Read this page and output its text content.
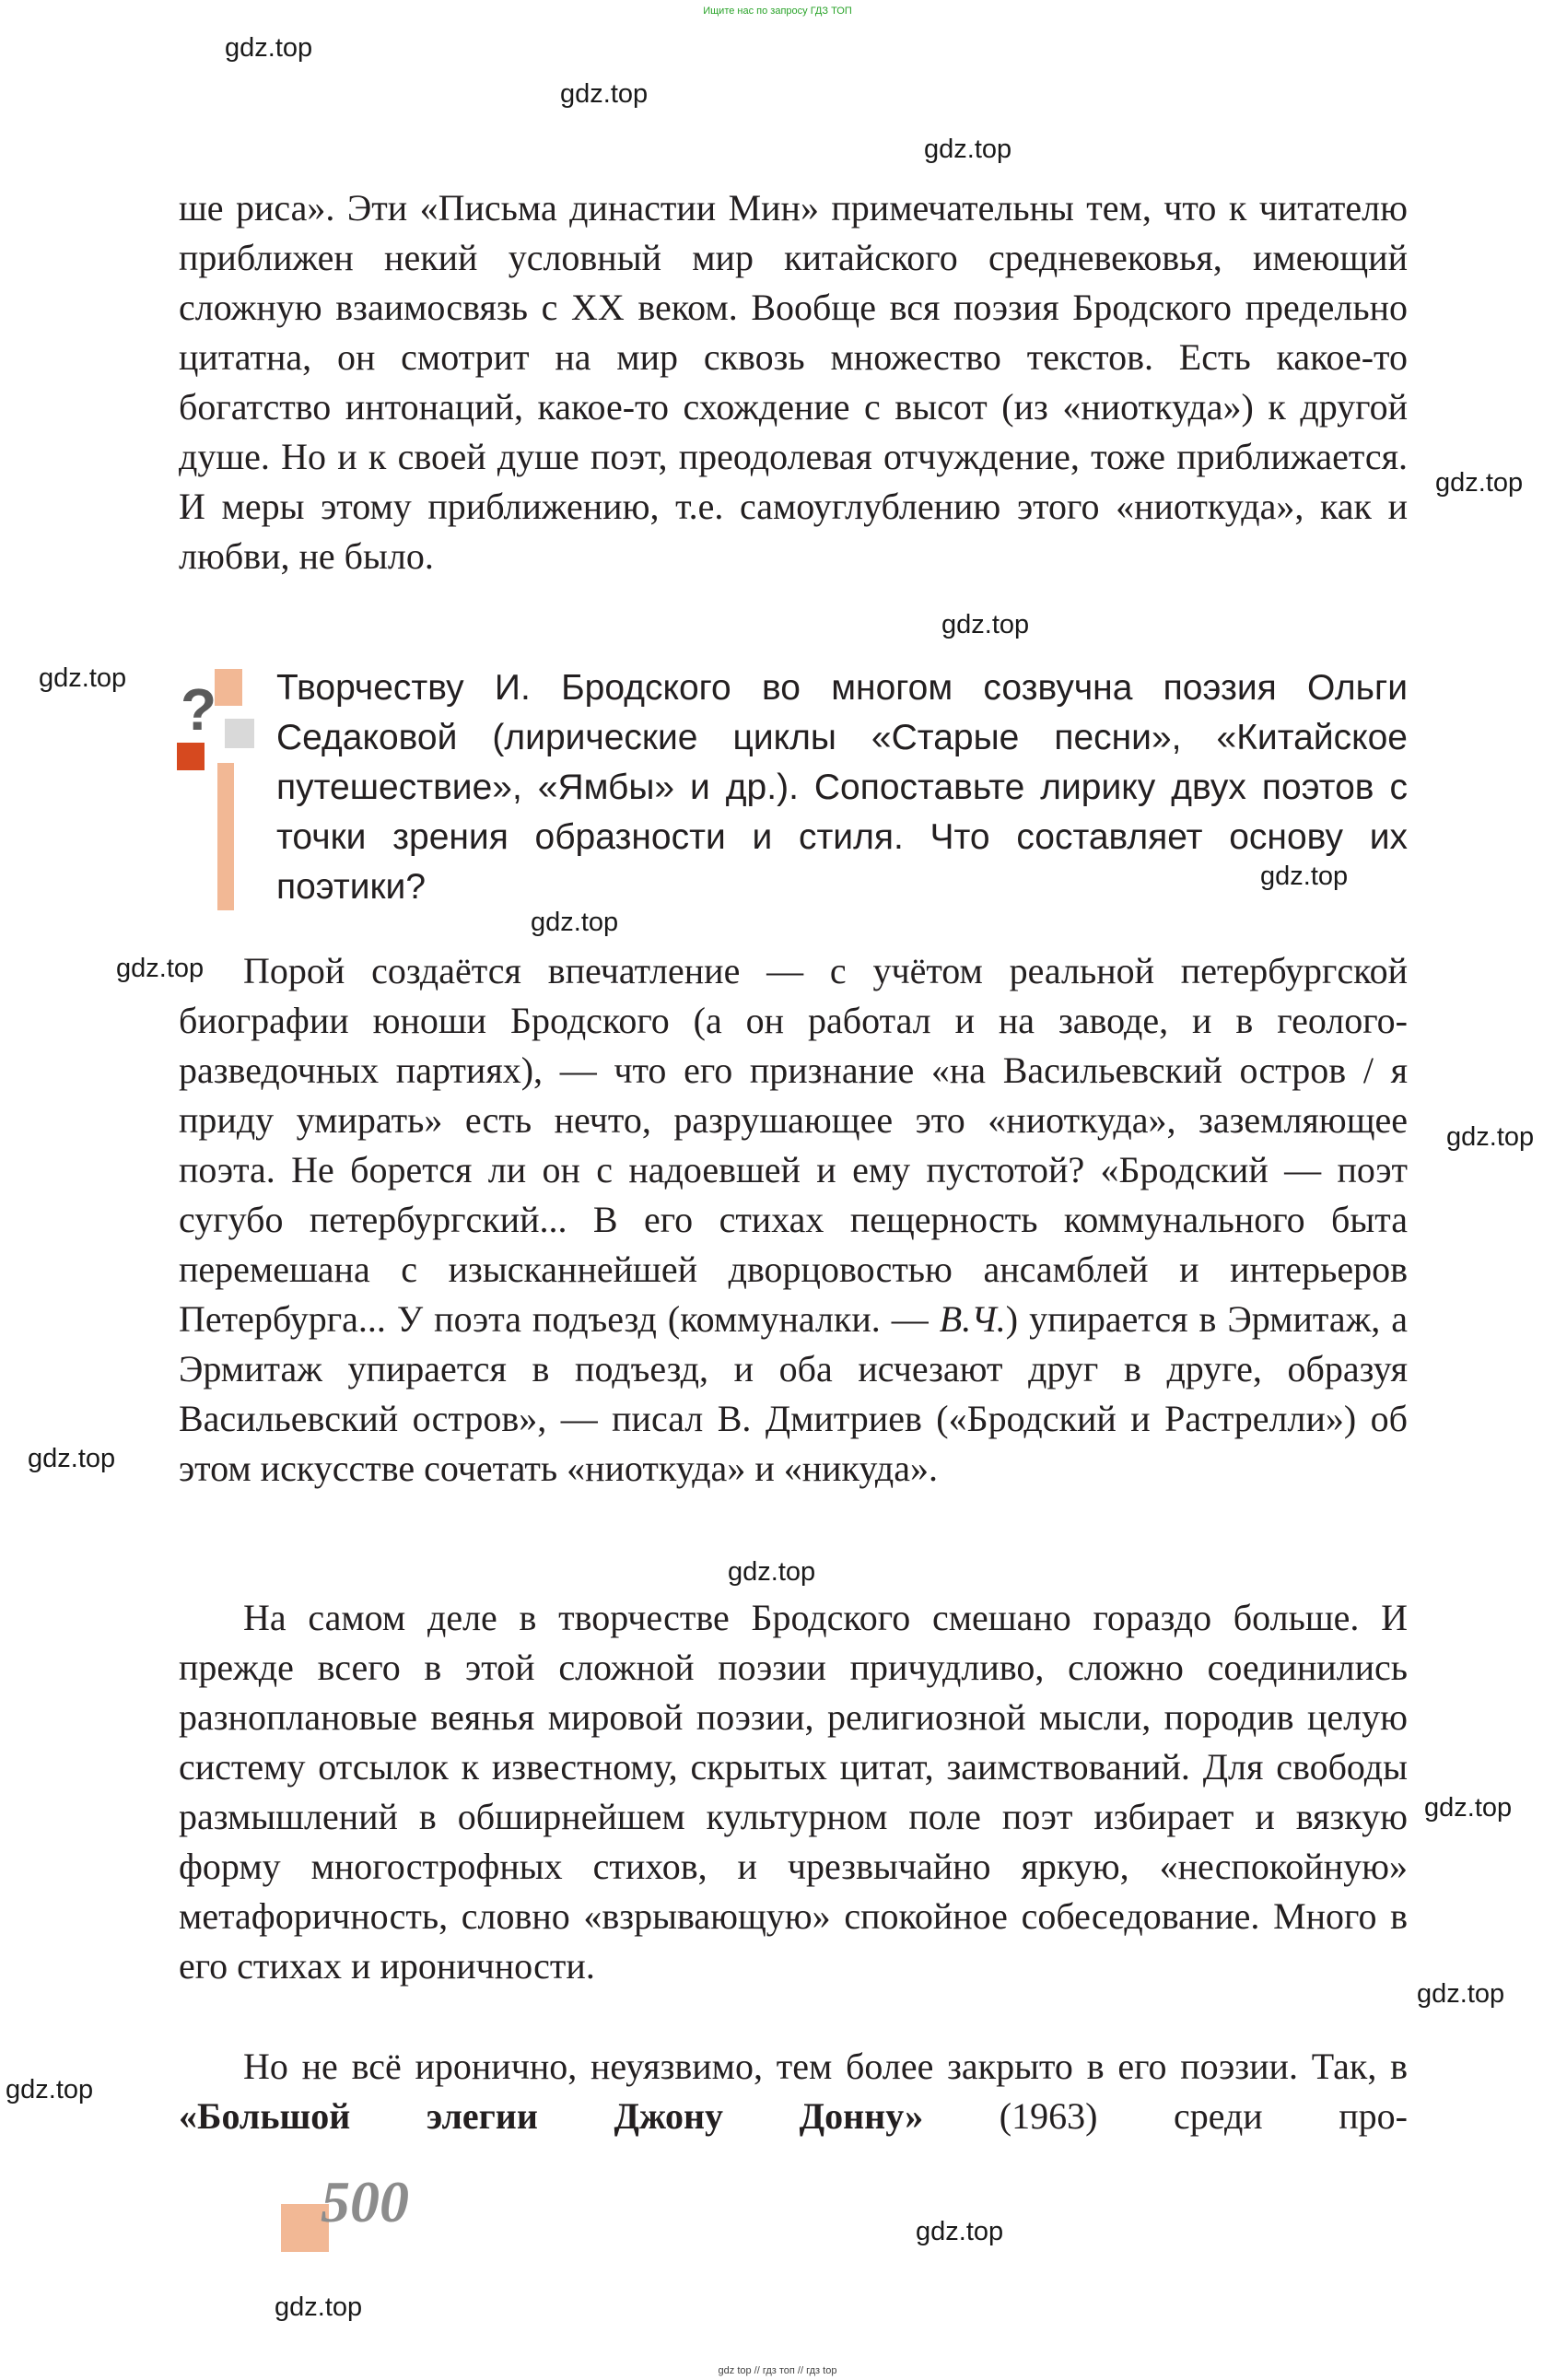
Ищите нас по запросу ГДЗ ТОП
gdz.top
gdz.top
gdz.top
gdz.top
gdz.top
gdz.top
gdz.top
gdz.top
gdz.top
gdz.top
gdz.top
gdz.top
gdz.top
gdz.top
gdz.top
gdz.top
gdz.top
ше риса». Эти «Письма династии Мин» примечательны тем, что к читателю приближен некий условный мир китайского средневековья, имеющий сложную взаимосвязь с XX веком. Вообще вся поэзия Бродского предельно цитатна, он смотрит на мир сквозь множество текстов. Есть какое-то богатство интонаций, какое-то схождение с высот (из «ниоткуда») к другой душе. Но и к своей душе поэт, преодолевая отчуждение, тоже приближается. И меры этому приближению, т.е. самоуглублению этого «ниоткуда», как и любви, не было.
? Творчеству И. Бродского во многом созвучна поэзия Ольги Седаковой (лирические циклы «Старые песни», «Китайское путешествие», «Ямбы» и др.). Сопоставьте лирику двух поэтов с точки зрения образности и стиля. Что составляет основу их поэтики?
Порой создаётся впечатление — с учётом реальной петербургской биографии юноши Бродского (а он работал и на заводе, и в геолого-разведочных партиях), — что его признание «на Васильевский остров / я приду умирать» есть нечто, разрушающее это «ниоткуда», заземляющее поэта. Не борется ли он с надоевшей и ему пустотой? «Бродский — поэт сугубо петербургский... В его стихах пещерность коммунального быта перемешана с изысканнейшей дворцовостью ансамблей и интерьеров Петербурга... У поэта подъезд (коммуналки. — В.Ч.) упирается в Эрмитаж, а Эрмитаж упирается в подъезд, и оба исчезают друг в друге, образуя Васильевский остров», — писал В. Дмитриев («Бродский и Растрелли») об этом искусстве сочетать «ниоткуда» и «никуда».
На самом деле в творчестве Бродского смешано гораздо больше. И прежде всего в этой сложной поэзии причудливо, сложно соединились разноплановые веянья мировой поэзии, религиозной мысли, породив целую систему отсылок к известному, скрытых цитат, заимствований. Для свободы размышлений в обширнейшем культурном поле поэт избирает и вязкую форму многострофных стихов, и чрезвычайно яркую, «неспокойную» метафоричность, словно «взрывающую» спокойное собеседование. Много в его стихах и ироничности.
Но не всё иронично, неуязвимо, тем более закрыто в его поэзии. Так, в «Большой элегии Джону Донну» (1963) среди про-
500
gdz top // гдз топ // гдз top
